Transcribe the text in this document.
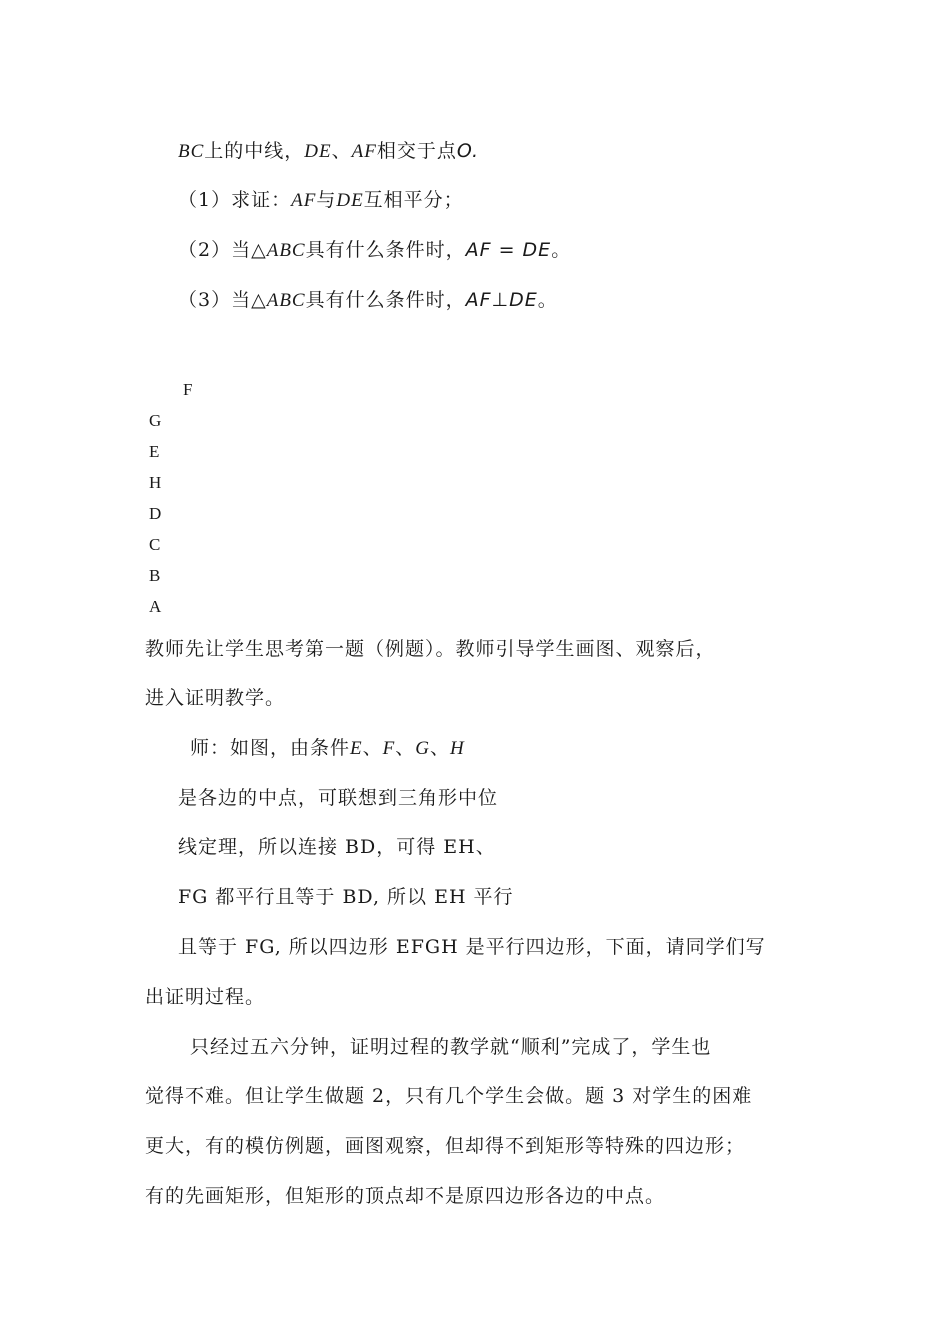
BC上的中线，DE、AF相交于点O.
（1）求证：AF与DE互相平分；
（2）当△ABC具有什么条件时，AF = DE。
（3）当△ABC具有什么条件时，AF⊥DE。
F
G
E
H
D
C
B
A
教师先让学生思考第一题（例题）。教师引导学生画图、观察后，
进入证明教学。
师：如图，由条件E、F、G、H
是各边的中点，可联想到三角形中位
线定理，所以连接 BD，可得 EH、
FG 都平行且等于 BD, 所以 EH 平行
且等于 FG, 所以四边形 EFGH 是平行四边形，下面，请同学们写
出证明过程。
只经过五六分钟，证明过程的教学就“顺利”完成了，学生也
觉得不难。但让学生做题 2，只有几个学生会做。题 3 对学生的困难
更大，有的模仿例题，画图观察，但却得不到矩形等特殊的四边形；
有的先画矩形，但矩形的顶点却不是原四边形各边的中点。
